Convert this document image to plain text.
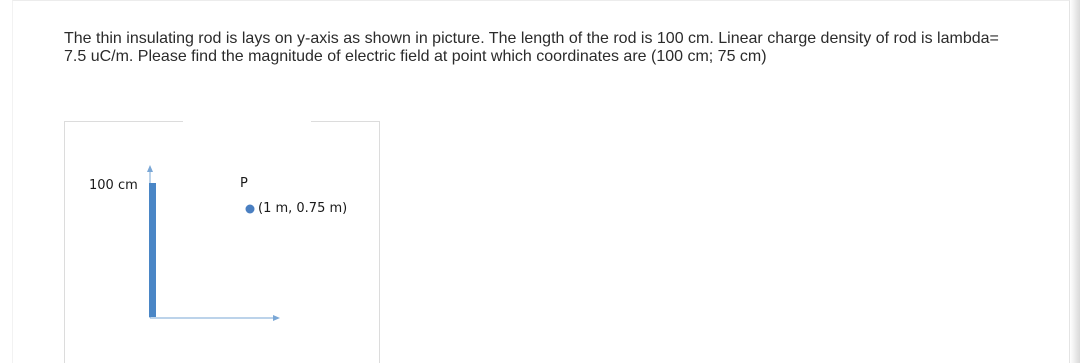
The thin insulating rod is lays on y-axis as shown in picture. The length of the rod is 100 cm. Linear charge density of rod is lambda= 7.5 uC/m. Please find the magnitude of electric field at point which coordinates are (100 cm; 75 cm)

100 cm	P
(1 m, 0.75 m)
